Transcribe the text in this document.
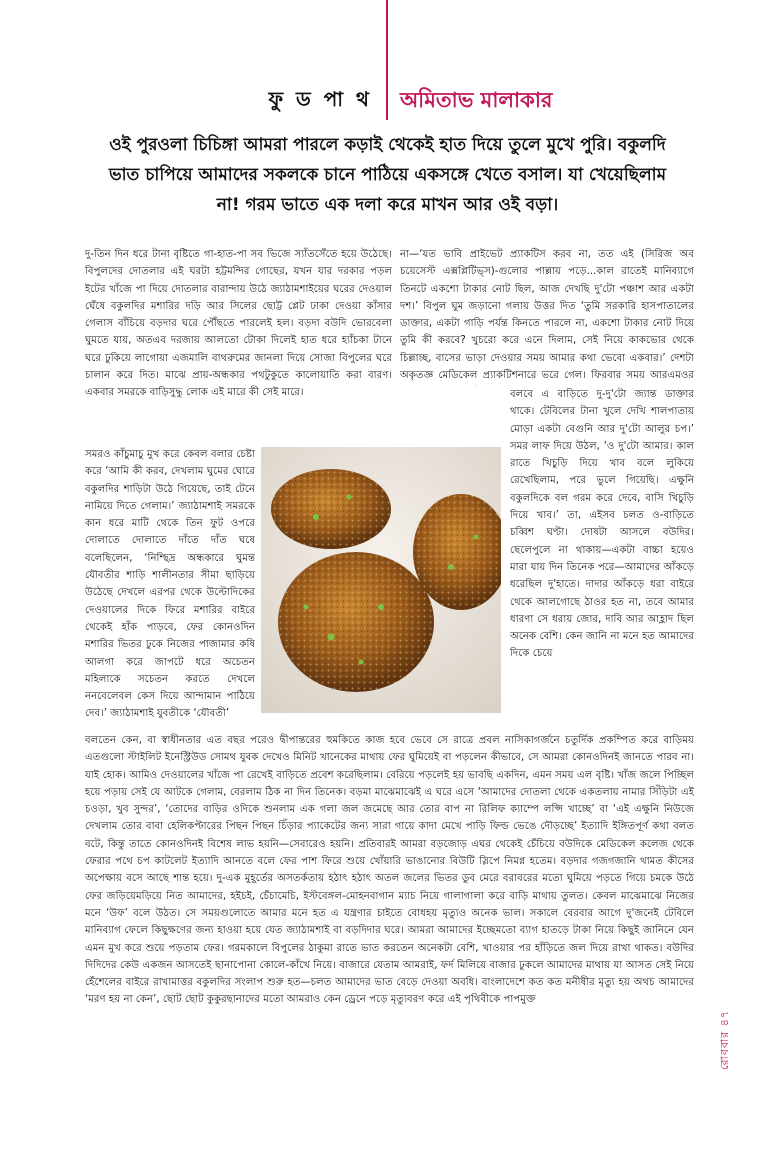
ফু ড পা থ অমিতাভ মালাকার
ওই পুরওলা চিচিঙ্গা আমরা পারলে কড়াই থেকেই হাত দিয়ে তুলে মুখে পুরি। বকুলদি ভাত চাপিয়ে আমাদের সকলকে চানে পাঠিয়ে একসঙ্গে খেতে বসাল। যা খেয়েছিলাম না! গরম ভাতে এক দলা করে মাখন আর ওই বড়া।

দু-তিন দিন ধরে টানা বৃষ্টিতে গা-হাত-পা সব ভিজে স্যাঁতসেঁতে হয়ে উঠেছে। বিপুলদের দোতলার এই ঘরটা হট্টমন্দির গোছের, যখন যার দরকার পড়ল ইটের খাঁজে পা দিয়ে দোতলার বারান্দায় উঠে জ্যাঠামশাইয়ের ঘরের দেওয়াল ঘেঁষে বকুলদির মশারির দড়ি আর সিলের ছোট্ট প্লেট ঢাকা দেওয়া কাঁসার গেলাস বাঁচিয়ে বড়দার ঘরে পৌঁছতে পারলেই হল। বড়দা বউদি ভোরবেলা ঘুমতে যায়, অতএব দরজায় আলতো টোকা দিলেই হাত ধরে হ্যাঁচকা টানে ঘরে ঢুকিয়ে লাগোয়া এজমালি বাথরুমের জানলা দিয়ে সোজা বিপুলের ঘরে চালান করে দিত। মাঝে প্রায়-অন্ধকার পথটুকুতে কালোয়াতি করা বারণ। একবার সমরকে বাড়িসুদ্ধু লোক এই মারে কী সেই মারে।

সমরও কাঁচুমাচু মুখ করে কেবল বলার চেষ্টা করে ‘আমি কী করব, দেখলাম ঘুমের ঘোরে বকুলদির শাড়িটা উঠে গিয়েছে, তাই টেনে নামিয়ে দিতে গেলাম।’ জ্যাঠামশাই সমরকে কান ধরে মাটি থেকে তিন ফুট ওপরে দোলাতে দোলাতে দাঁতে দাঁত ঘষে বলেছিলেন, ‘নিশ্ছিদ্র অন্ধকারে ঘুমন্ত যৌবতীর শাড়ি শালীনতার সীমা ছাড়িয়ে উঠেছে দেখলে এরপর থেকে উল্টোদিকের দেওয়ালের দিকে ফিরে মশারির বাইরে থেকেই হাঁক পাড়বে, ফের কোনওদিন মশারির ভিতর ঢুকে নিজের পাজামার কষি আলগা করে জাপটে ধরে অচেতন মহিলাকে সচেতন করতে দেখলে ননবেলেবল কেস দিয়ে আন্দামান পাঠিয়ে দেব।’ জ্যাঠামশাই যুবতীকে ‘যৌবতী’

না—‘যত ভাবি প্রাইভেট প্র্যাকটিস করব না, তত এই (সিরিজ অব চয়েসেস্ট এক্সপ্লিটিভ্স)-গুলোর পাল্লায় পড়ে...কাল রাতেই মানিব্যাগে তিনটে একশো টাকার নোট ছিল, আজ দেখছি দু'টো পঞ্চাশ আর একটা দশ।’ বিপুল ঘুম জড়ানো গলায় উত্তর দিত ‘তুমি সরকারি হাসপাতালের ডাক্তার, একটা গাড়ি পর্যন্ত কিনতে পারলে না, একশো টাকার নোট দিয়ে তুমি কী করবে? খুচরো করে এনে দিলাম, সেই নিয়ে কাকভোর থেকে চিল্লাচ্ছ, বাসের ভাড়া দেওয়ার সময় আমার কথা ভেবো একবার।’ দেশটা অকৃতজ্ঞ মেডিকেল প্র্যাকটিশনারে ভরে গেল। ফিরবার সময় আরএমওর

বলবে এ বাড়িতে দু-দু'টো জ্যান্ত ডাক্তার থাকে। টেবিলের টানা খুলে দেখি শালপাতায় মোড়া একটা বেগুনি আর দু'টো আলুর চপ।’ সমর লাফ দিয়ে উঠল, ‘ও দু'টো আমার। কাল রাতে খিচুড়ি দিয়ে খাব বলে লুকিয়ে রেখেছিলাম, পরে ভুলে গিয়েছি। এক্ষুনি বকুলদিকে বল গরম করে দেবে, বাসি খিচুড়ি দিয়ে খাব।’ তা, এইসব চলত ও-বাড়িতে চব্বিশ ঘণ্টা। দোষটা আসলে বউদির। ছেলেপুলে না থাকায়—একটা বাচ্চা হয়েও মারা যায় দিন তিনেক পরে—আমাদের আঁকড়ে ধরেছিল দু'হাতে। দাদার আঁকড়ে ধরা বাইরে থেকে আলগোছে ঠাওর হত না, তবে আমার ধারণা সে ধরায় জোর, দাবি আর আহ্লাদ ছিল অনেক বেশি। কেন জানি না মনে হত আমাদের দিকে চেয়ে

বলতেন কেন, বা স্বাধীনতার এত বছর পরেও দ্বীপান্তরের হুমকিতে কাজ হবে ভেবে সে রাত্রে প্রবল নাসিকাগর্জনে চতুর্দিক প্রকম্পিত করে বাড়িময় এতগুলো স্টাইলিট ইনেস্ট্রিউড সোমথ যুবক দেখেও মিনিট খানেকের মাথায় ফের ঘুমিয়েই বা পড়লেন কীভাবে, সে আমরা কোনওদিনই জানতে পারব না। যাই হোক। আমিও দেওয়ালের খাঁজে পা রেখেই বাড়িতে প্রবেশ করেছিলাম। বেরিয়ে পড়লেই হয় ভাবছি একদিন, এমন সময় এল বৃষ্টি। খাঁজ জলে পিচ্ছিল হয়ে পড়ায় সেই যে আটকে গেলাম, বেরলাম ঠিক না দিন তিনেক। বড়মা মাঝেমাঝেই এ ঘরে এসে ‘আমাদের দোতলা থেকে একতলায় নামার সিঁড়িটা এই চওড়া, খুব সুন্দর’, ‘তোদের বাড়ির ওদিকে শুনলাম এক গলা জল জমেছে আর তোর বাপ না রিলিফ ক্যাম্পে লপ্সি খাচ্ছে’ বা ‘এই এক্ষুনি নিউজে দেখলাম তোর বাবা হেলিকপ্টারের পিছন পিছন চিঁড়ার প্যাকেটের জন্য সারা গায়ে কাদা মেখে পাড়ি ফিল্ড ভেঙে দৌড়চ্ছে’ ইত্যাদি ইঙ্গিতপূর্ণ কথা বলত বটে, কিন্তু তাতে কোনওদিনই বিশেষ লাভ হয়নি—সেবারেও হয়নি। প্রতিবারই আমরা বড়জোড় এঘর থেকেই চেঁচিয়ে বউদিকে মেডিকেল কলেজ থেকে ফেরার পথে চপ কাটলেট ইত্যাদি আনতে বলে ফের পাশ ফিরে শুয়ে খোঁয়ারি ভাঙানোর বিউটি স্লিপে নিমগ্ন হতেম। বড়দার গজগজানি থামত কীসের অপেক্ষায় বসে আছে শান্ত হয়ে। দু-এক মুহূর্তের অসতর্কতায় হঠাৎ হঠাৎ অতল জলের ভিতর ডুব মেরে বরাবরের মতো ঘুমিয়ে পড়তে গিয়ে চমকে উঠে ফের জড়িয়েমড়িয়ে নিত আমাদের, হইচই, চেঁচামেচি, ইস্টবেঙ্গল-মোহনবাগান ম্যাচ নিয়ে গালাগালা করে বাড়ি মাথায় তুলত। কেবল মাঝেমাঝে নিজের মনে ‘উফ’ বলে উঠত। সে সময়গুলোতে আমার মনে হত এ যন্ত্রণার চাইতে বোধহয় মৃত্যুও অনেক ভাল। সকালে বেরবার আগে দু'জনেই টেবিলে মানিব্যাগ ফেলে কিছুক্ষণের জন্য হাওয়া হয়ে যেত জ্যাঠামশাই বা বড়দিদার ঘরে। আমরা আমাদের ইচ্ছেমতো ব্যাগ হাতড়ে টাকা নিয়ে কিছুই জানিনে যেন এমন মুখ করে শুয়ে পড়তাম ফের। গরমকালে বিপুলের ঠাকুমা রাতে ভাত করতেন অনেকটা বেশি, খাওয়ার পর হাঁড়িতে জল দিয়ে রাখা থাকত। বউদির দিদিদের কেউ একজন আসতেই ছানাপোনা কোলে-কাঁখে নিয়ে। বাজারে যেতাম আমরাই, ফর্দ মিলিয়ে বাজার ঢুকলে আমাদের মাথায় যা আসত সেই নিয়ে হেঁশেলের বাইরে রাখামাত্তর বকুলদির সংলাপ শুরু হত—চলত আমাদের ভাত বেড়ে দেওয়া অবধি। বাংলাদেশে কত কত মনীষীর মৃত্যু হয় অথচ আমাদের ‘মরণ হয় না কেন’, ছোট ছোট কুকুরছানাদের মতো আমরাও কেন ড্রেনে পড়ে মৃত্যুবরণ করে এই পৃথিবীকে পাপমুক্ত

রোববার ৪৭
